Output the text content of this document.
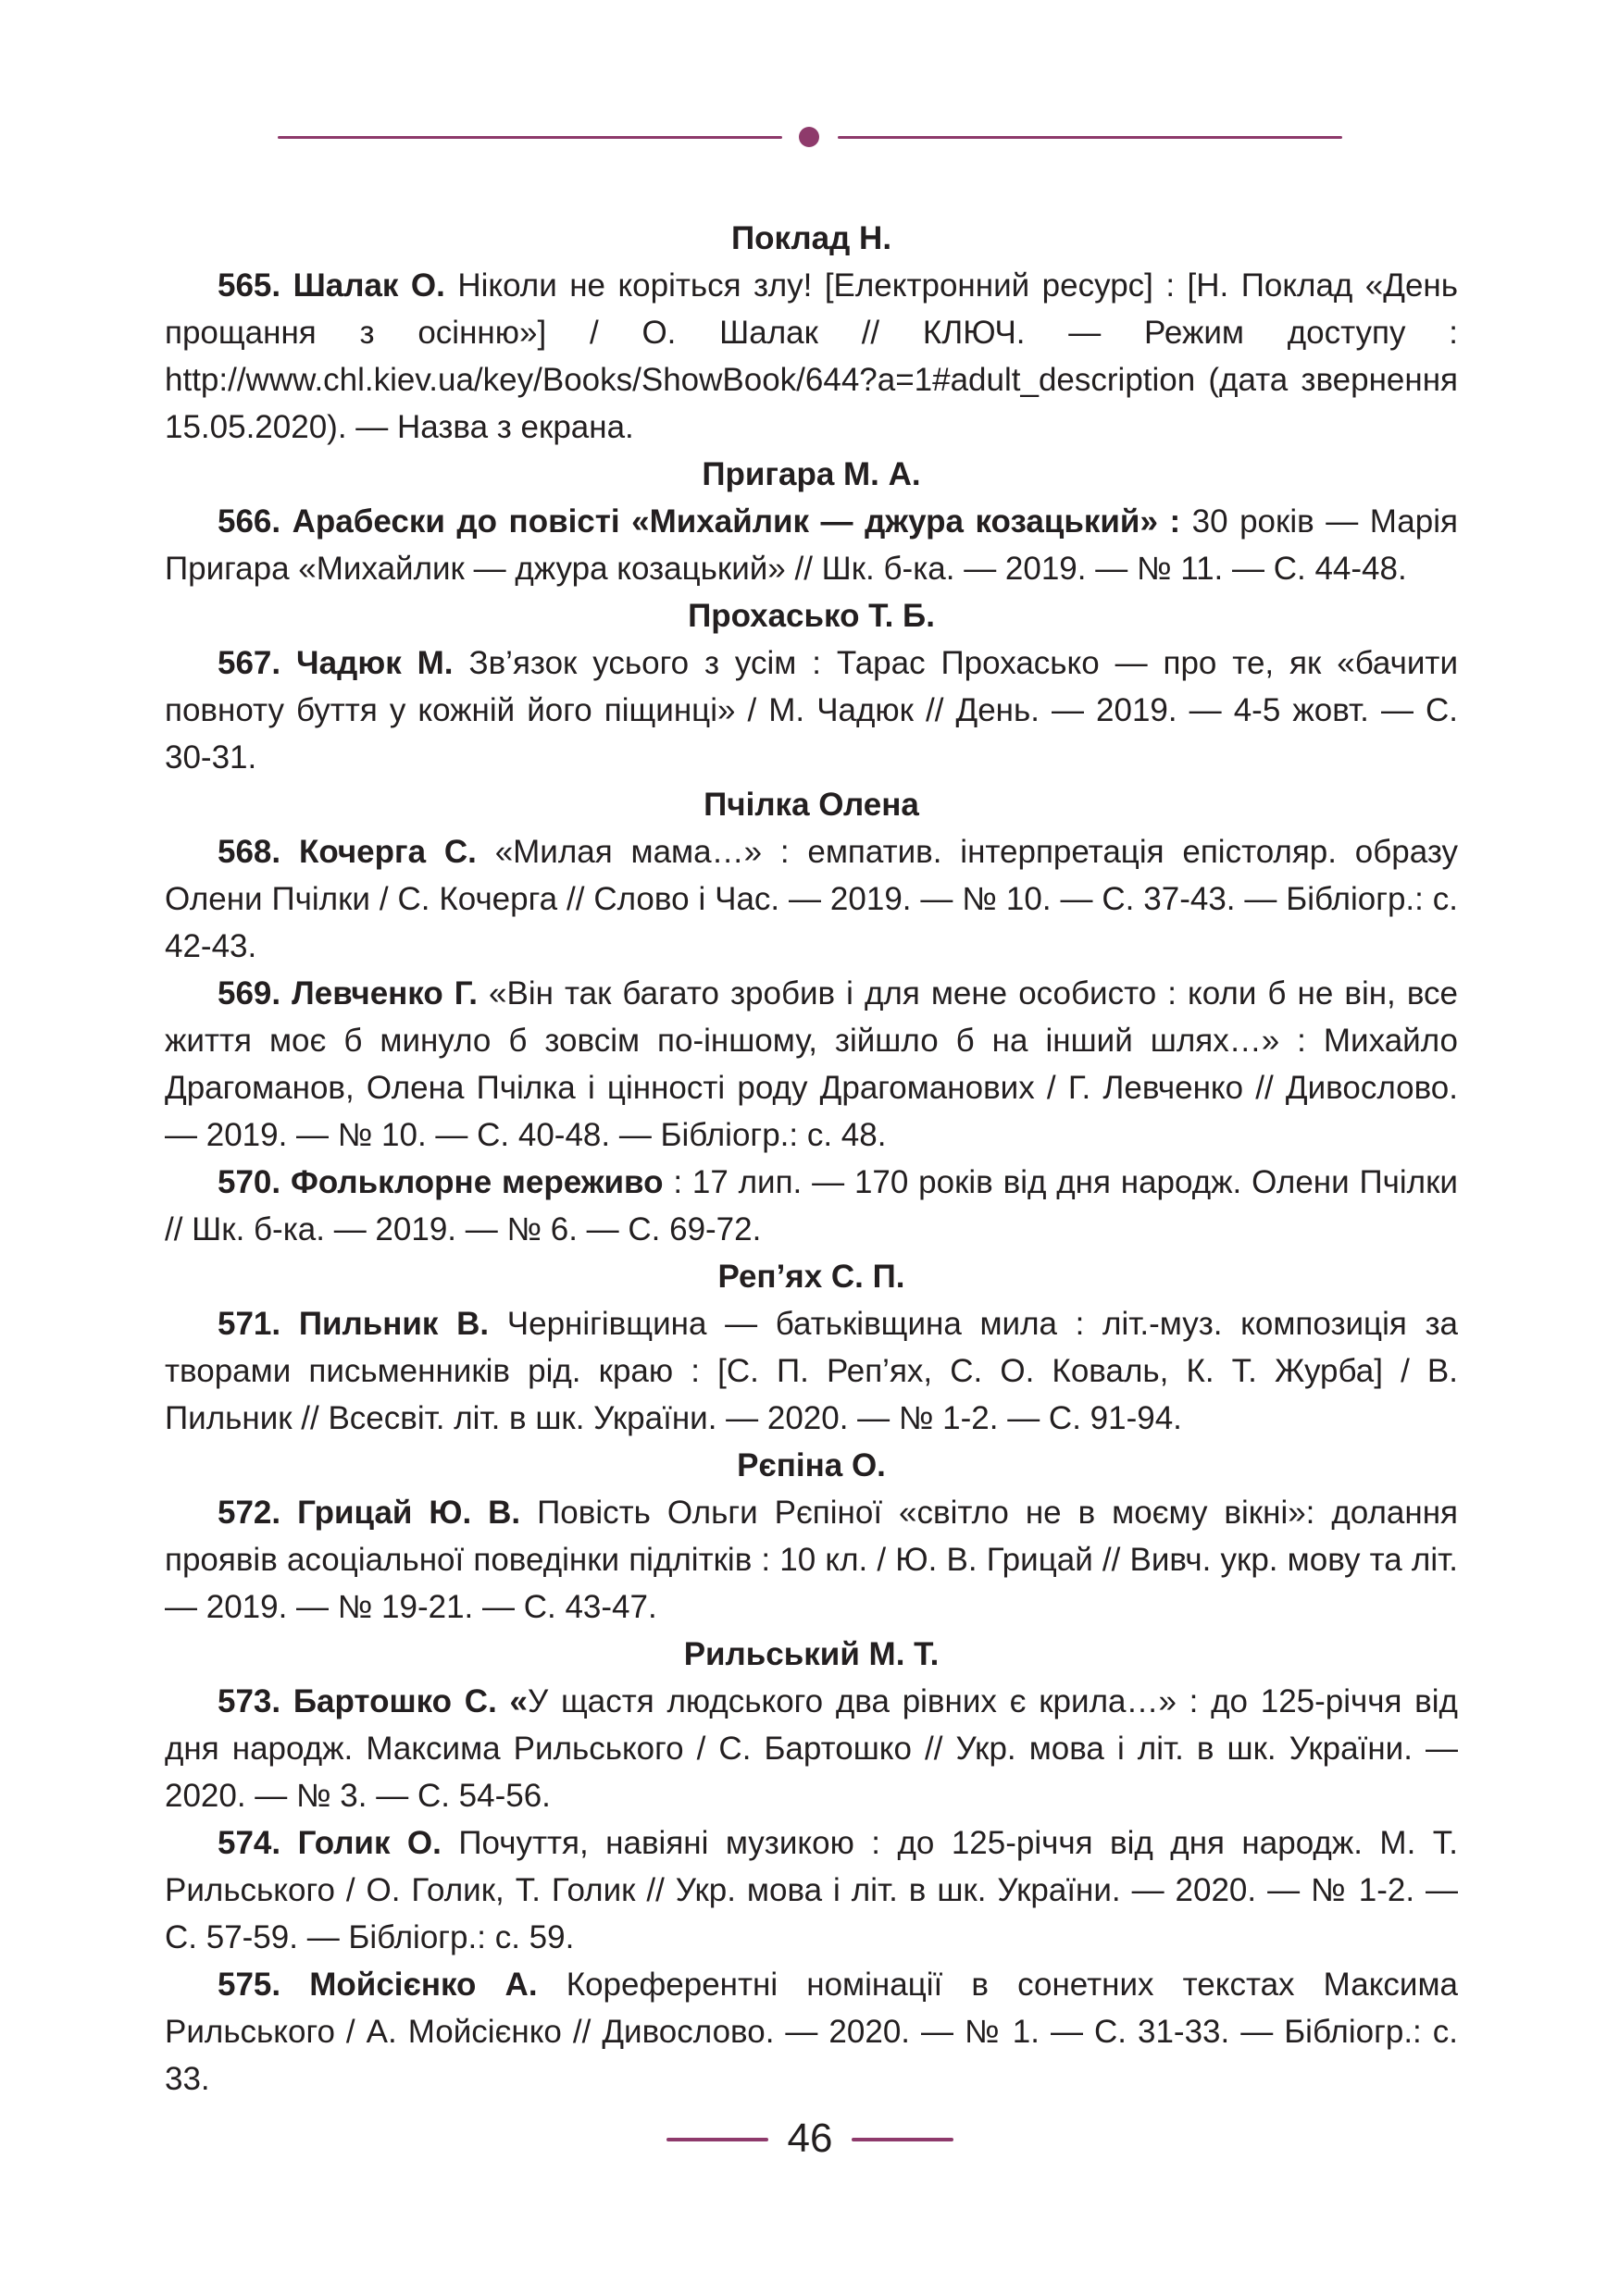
Поклад Н.

565. Шалак О. Ніколи не коріться злу! [Електронний ресурс] : [Н. Поклад «День прощання з осінню»] / О. Шалак // КЛЮЧ. — Режим доступу : http://www.chl.kiev.ua/key/Books/ShowBook/644?a=1#adult_description (дата звернення 15.05.2020). — Назва з екрана.

Пригара М. А.

566. Арабески до повісті «Михайлик — джура козацький» : 30 років — Марія Пригара «Михайлик — джура козацький» // Шк. б-ка. — 2019. — № 11. — С. 44-48.

Прохасько Т. Б.

567. Чадюк М. Зв’язок усього з усім : Тарас Прохасько — про те, як «бачити повноту буття у кожній його піщинці» / М. Чадюк // День. — 2019. — 4-5 жовт. — С. 30-31.

Пчілка Олена

568. Кочерга С. «Милая мама…» : емпатив. інтерпретація епістоляр. образу Олени Пчілки / С. Кочерга // Слово і Час. — 2019. — № 10. — С. 37-43. — Бібліогр.: с. 42-43.

569. Левченко Г. «Він так багато зробив і для мене особисто : коли б не він, все життя моє б минуло б зовсім по-іншому, зійшло б на інший шлях…» : Михайло Драгоманов, Олена Пчілка і цінності роду Драгоманових / Г. Левченко // Дивослово. — 2019. — № 10. — С. 40-48. — Бібліогр.: с. 48.

570. Фольклорне мереживо : 17 лип. — 170 років від дня народж. Олени Пчілки // Шк. б-ка. — 2019. — № 6. — С. 69-72.

Реп’ях С. П.

571. Пильник В. Чернігівщина — батьківщина мила : літ.-муз. композиція за творами письменників рід. краю : [С. П. Реп’ях, С. О. Коваль, К. Т. Журба] / В. Пильник // Всесвіт. літ. в шк. України. — 2020. — № 1-2. — С. 91-94.

Рєпіна О.

572. Грицай Ю. В. Повість Ольги Рєпіної «світло не в моєму вікні»: долання проявів асоціальної поведінки підлітків : 10 кл. / Ю. В. Грицай // Вивч. укр. мову та літ. — 2019. — № 19-21. — С. 43-47.

Рильський М. Т.

573. Бартошко С. «У щастя людського два рівних є крила…» : до 125-річчя від дня народж. Максима Рильського / С. Бартошко // Укр. мова і літ. в шк. України. — 2020. — № 3. — С. 54-56.

574. Голик О. Почуття, навіяні музикою : до 125-річчя від дня народж. М. Т. Рильського / О. Голик, Т. Голик // Укр. мова і літ. в шк. України. — 2020. — № 1-2. — С. 57-59. — Бібліогр.: с. 59.

575. Мойсієнко А. Кореферентні номінації в сонетних текстах Максима Рильського / А. Мойсієнко // Дивослово. — 2020. — № 1. — С. 31-33. — Бібліогр.: с. 33.

46
